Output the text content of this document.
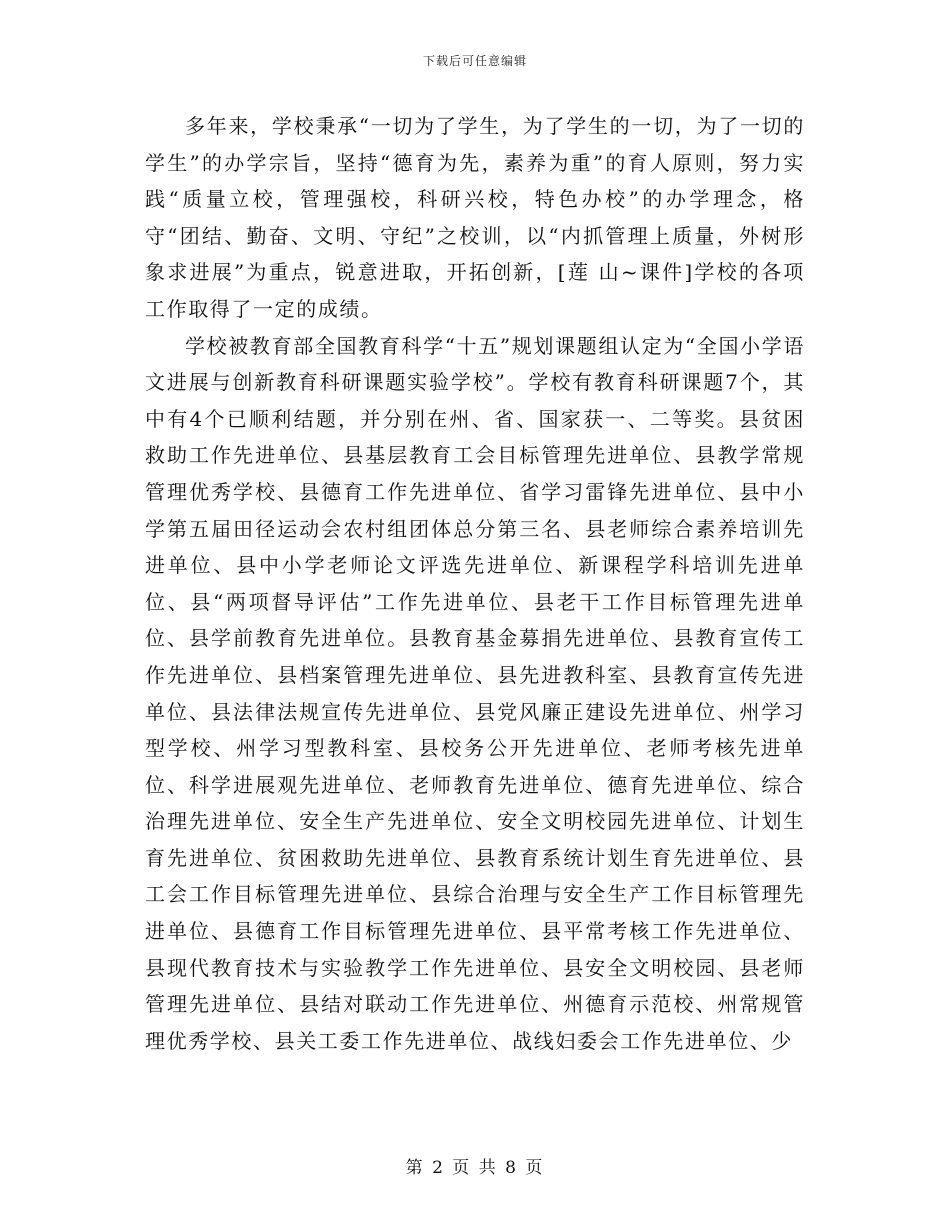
下载后可任意编辑

多年来，学校秉承“一切为了学生，为了学生的一切，为了一切的学生”的办学宗旨，坚持“德育为先，素养为重”的育人原则，努力实践“质量立校，管理强校，科研兴校，特色办校”的办学理念，格守“团结、勤奋、文明、守纪”之校训，以“内抓管理上质量，外树形象求进展”为重点，锐意进取，开拓创新，[莲 山~课件]学校的各项工作取得了一定的成绩。

学校被教育部全国教育科学“十五”规划课题组认定为“全国小学语文进展与创新教育科研课题实验学校”。学校有教育科研课题7个，其中有4个已顺利结题，并分别在州、省、国家获一、二等奖。县贫困救助工作先进单位、县基层教育工会目标管理先进单位、县教学常规管理优秀学校、县德育工作先进单位、省学习雷锋先进单位、县中小学第五届田径运动会农村组团体总分第三名、县老师综合素养培训先进单位、县中小学老师论文评选先进单位、新课程学科培训先进单位、县“两项督导评估”工作先进单位、县老干工作目标管理先进单位、县学前教育先进单位。县教育基金募捐先进单位、县教育宣传工作先进单位、县档案管理先进单位、县先进教科室、县教育宣传先进单位、县法律法规宣传先进单位、县党风廉正建设先进单位、州学习型学校、州学习型教科室、县校务公开先进单位、老师考核先进单位、科学进展观先进单位、老师教育先进单位、德育先进单位、综合治理先进单位、安全生产先进单位、安全文明校园先进单位、计划生育先进单位、贫困救助先进单位、县教育系统计划生育先进单位、县工会工作目标管理先进单位、县综合治理与安全生产工作目标管理先进单位、县德育工作目标管理先进单位、县平常考核工作先进单位、县现代教育技术与实验教学工作先进单位、县安全文明校园、县老师管理先进单位、县结对联动工作先进单位、州德育示范校、州常规管理优秀学校、县关工委工作先进单位、战线妇委会工作先进单位、少

第 2 页 共 8 页
